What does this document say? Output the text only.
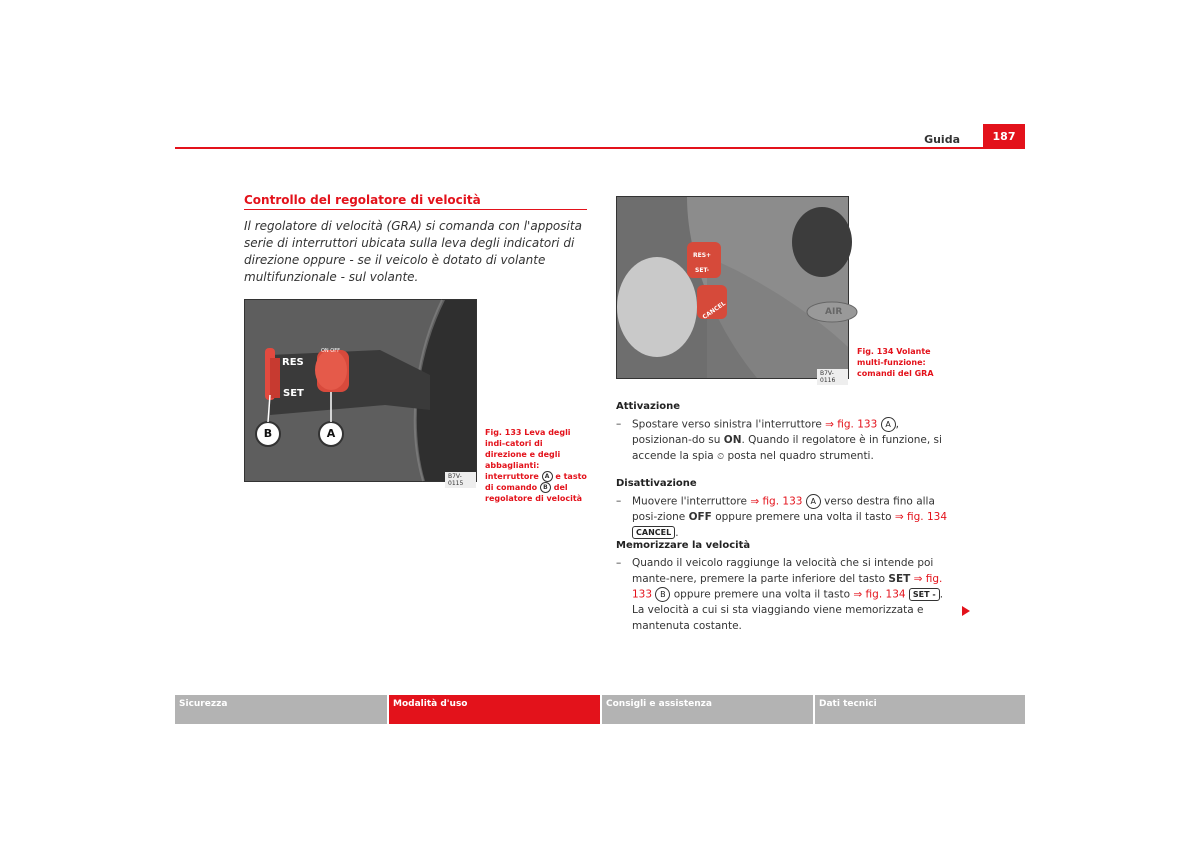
Guida	187
Controllo del regolatore di velocità
Il regolatore di velocità (GRA) si comanda con l'apposita serie di interruttori ubicata sulla leva degli indicatori di direzione oppure - se il veicolo è dotato di volante multifunzionale - sul volante.
RES
SET
ON OFF
B	A
B7V-0115
Fig. 133 Leva degli indi-catori di direzione e degli abbaglianti: interruttore A e tasto di comando B del regolatore di velocità
RES+
SET-
CANCEL	AIR
B7V-0116
Fig. 134 Volante multi-funzione: comandi del GRA
Attivazione
– Spostare verso sinistra l'interruttore ⇒ fig. 133 A , posizionan-do su ON. Quando il regolatore è in funzione, si accende la spia ⏲ posta nel quadro strumenti.
Disattivazione
– Muovere l'interruttore ⇒ fig. 133 A verso destra fino alla posi-zione OFF oppure premere una volta il tasto ⇒ fig. 134 CANCEL .
Memorizzare la velocità
– Quando il veicolo raggiunge la velocità che si intende poi mante-nere, premere la parte inferiore del tasto SET ⇒ fig. 133 B oppure premere una volta il tasto ⇒ fig. 134 SET - . La velocità a cui si sta viaggiando viene memorizzata e mantenuta costante.
Sicurezza	Modalità d'uso	Consigli e assistenza	Dati tecnici
